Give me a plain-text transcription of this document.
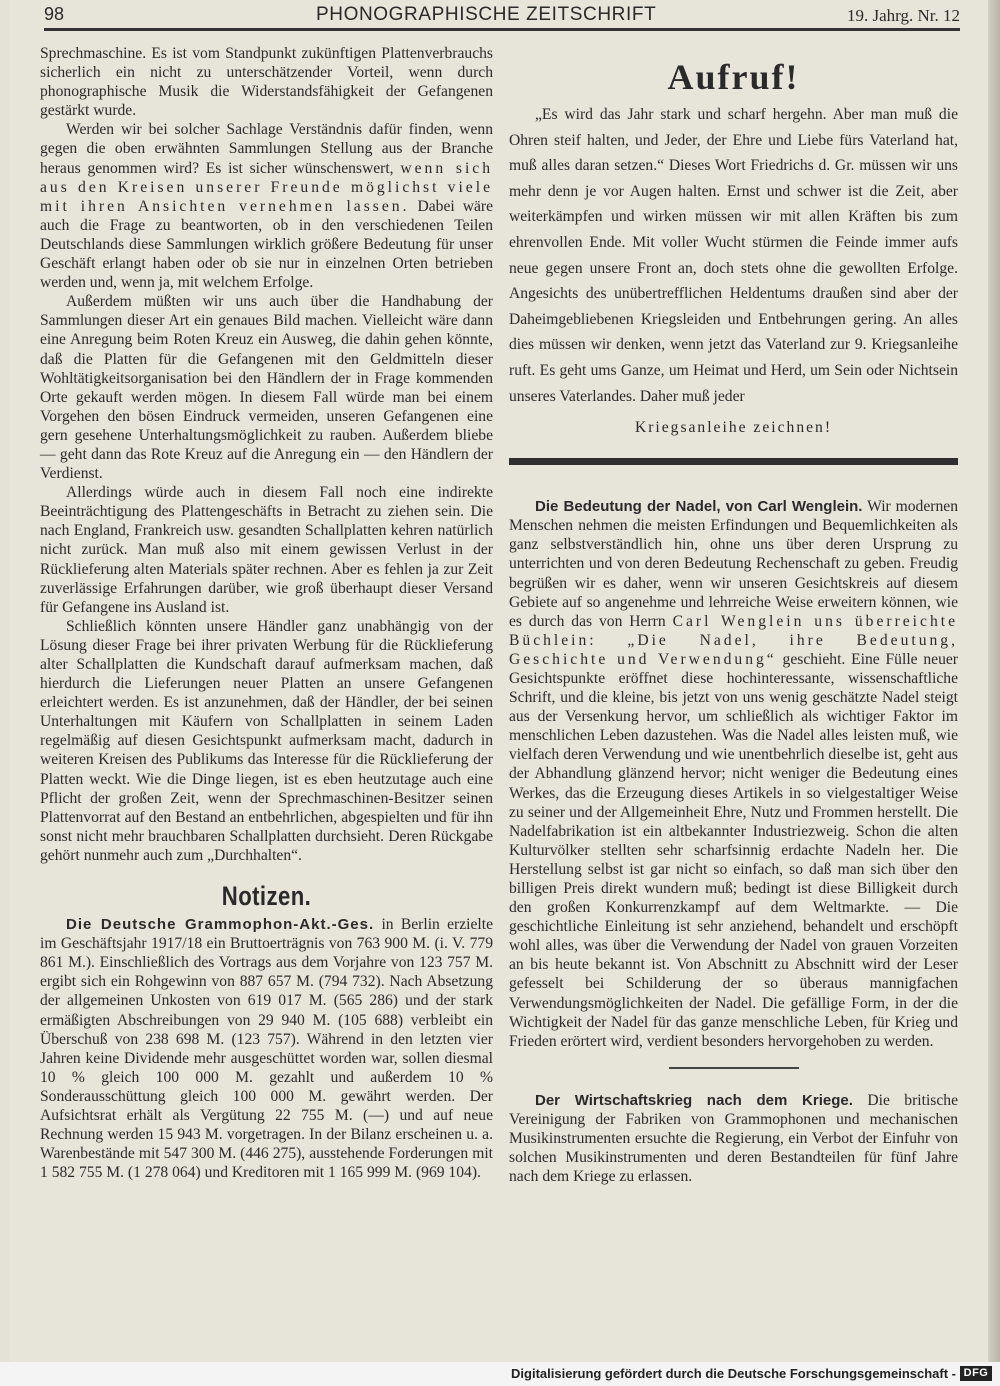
98	PHONOGRAPHISCHE ZEITSCHRIFT	19. Jahrg. Nr. 12

Sprechmaschine. Es ist vom Standpunkt zukünftigen Plattenverbrauchs sicherlich ein nicht zu unterschätzender Vorteil, wenn durch phonographische Musik die Widerstandsfähigkeit der Gefangenen gestärkt wurde.

Werden wir bei solcher Sachlage Verständnis dafür finden, wenn gegen die oben erwähnten Sammlungen Stellung aus der Branche heraus genommen wird? Es ist sicher wünschenswert, wenn sich aus den Kreisen unserer Freunde möglichst viele mit ihren Ansichten vernehmen lassen. Dabei wäre auch die Frage zu beantworten, ob in den verschiedenen Teilen Deutschlands diese Sammlungen wirklich größere Bedeutung für unser Geschäft erlangt haben oder ob sie nur in einzelnen Orten betrieben werden und, wenn ja, mit welchem Erfolge.

Außerdem müßten wir uns auch über die Handhabung der Sammlungen dieser Art ein genaues Bild machen. Vielleicht wäre dann eine Anregung beim Roten Kreuz ein Ausweg, die dahin gehen könnte, daß die Platten für die Gefangenen mit den Geldmitteln dieser Wohltätigkeitsorganisation bei den Händlern der in Frage kommenden Orte gekauft werden mögen. In diesem Fall würde man bei einem Vorgehen den bösen Eindruck vermeiden, unseren Gefangenen eine gern gesehene Unterhaltungsmöglichkeit zu rauben. Außerdem bliebe — geht dann das Rote Kreuz auf die Anregung ein — den Händlern der Verdienst.

Allerdings würde auch in diesem Fall noch eine indirekte Beeinträchtigung des Plattengeschäfts in Betracht zu ziehen sein. Die nach England, Frankreich usw. gesandten Schallplatten kehren natürlich nicht zurück. Man muß also mit einem gewissen Verlust in der Rücklieferung alten Materials später rechnen. Aber es fehlen ja zur Zeit zuverlässige Erfahrungen darüber, wie groß überhaupt dieser Versand für Gefangene ins Ausland ist.

Schließlich könnten unsere Händler ganz unabhängig von der Lösung dieser Frage bei ihrer privaten Werbung für die Rücklieferung alter Schallplatten die Kundschaft darauf aufmerksam machen, daß hierdurch die Lieferungen neuer Platten an unsere Gefangenen erleichtert werden. Es ist anzunehmen, daß der Händler, der bei seinen Unterhaltungen mit Käufern von Schallplatten in seinem Laden regelmäßig auf diesen Gesichtspunkt aufmerksam macht, dadurch in weiteren Kreisen des Publikums das Interesse für die Rücklieferung der Platten weckt. Wie die Dinge liegen, ist es eben heutzutage auch eine Pflicht der großen Zeit, wenn der Sprechmaschinen-Besitzer seinen Plattenvorrat auf den Bestand an entbehrlichen, abgespielten und für ihn sonst nicht mehr brauchbaren Schallplatten durchsieht. Deren Rückgabe gehört nunmehr auch zum „Durchhalten“.

Notizen.

Die Deutsche Grammophon-Akt.-Ges. in Berlin erzielte im Geschäftsjahr 1917/18 ein Bruttoerträgnis von 763 900 M. (i. V. 779 861 M.). Einschließlich des Vortrags aus dem Vorjahre von 123 757 M. ergibt sich ein Rohgewinn von 887 657 M. (794 732). Nach Absetzung der allgemeinen Unkosten von 619 017 M. (565 286) und der stark ermäßigten Abschreibungen von 29 940 M. (105 688) verbleibt ein Überschuß von 238 698 M. (123 757). Während in den letzten vier Jahren keine Dividende mehr ausgeschüttet worden war, sollen diesmal 10 % gleich 100 000 M. gezahlt und außerdem 10 % Sonderausschüttung gleich 100 000 M. gewährt werden. Der Aufsichtsrat erhält als Vergütung 22 755 M. (—) und auf neue Rechnung werden 15 943 M. vorgetragen. In der Bilanz erscheinen u. a. Warenbestände mit 547 300 M. (446 275), ausstehende Forderungen mit 1 582 755 M. (1 278 064) und Kreditoren mit 1 165 999 M. (969 104).

Aufruf!

„Es wird das Jahr stark und scharf hergehn. Aber man muß die Ohren steif halten, und Jeder, der Ehre und Liebe fürs Vaterland hat, muß alles daran setzen.“ Dieses Wort Friedrichs d. Gr. müssen wir uns mehr denn je vor Augen halten. Ernst und schwer ist die Zeit, aber weiterkämpfen und wirken müssen wir mit allen Kräften bis zum ehrenvollen Ende. Mit voller Wucht stürmen die Feinde immer aufs neue gegen unsere Front an, doch stets ohne die gewollten Erfolge. Angesichts des unübertrefflichen Heldentums draußen sind aber der Daheimgebliebenen Kriegsleiden und Entbehrungen gering. An alles dies müssen wir denken, wenn jetzt das Vaterland zur 9. Kriegsanleihe ruft. Es geht ums Ganze, um Heimat und Herd, um Sein oder Nichtsein unseres Vaterlandes. Daher muß jeder

Kriegsanleihe zeichnen!

Die Bedeutung der Nadel, von Carl Wenglein. Wir modernen Menschen nehmen die meisten Erfindungen und Bequemlichkeiten als ganz selbstverständlich hin, ohne uns über deren Ursprung zu unterrichten und von deren Bedeutung Rechenschaft zu geben. Freudig begrüßen wir es daher, wenn wir unseren Gesichtskreis auf diesem Gebiete auf so angenehme und lehrreiche Weise erweitern können, wie es durch das von Herrn Carl Wenglein uns überreichte Büchlein: „Die Nadel, ihre Bedeutung, Geschichte und Verwendung“ geschieht. Eine Fülle neuer Gesichtspunkte eröffnet diese hochinteressante, wissenschaftliche Schrift, und die kleine, bis jetzt von uns wenig geschätzte Nadel steigt aus der Versenkung hervor, um schließlich als wichtiger Faktor im menschlichen Leben dazustehen. Was die Nadel alles leisten muß, wie vielfach deren Verwendung und wie unentbehrlich dieselbe ist, geht aus der Abhandlung glänzend hervor; nicht weniger die Bedeutung eines Werkes, das die Erzeugung dieses Artikels in so vielgestaltiger Weise zu seiner und der Allgemeinheit Ehre, Nutz und Frommen herstellt. Die Nadelfabrikation ist ein altbekannter Industriezweig. Schon die alten Kulturvölker stellten sehr scharfsinnig erdachte Nadeln her. Die Herstellung selbst ist gar nicht so einfach, so daß man sich über den billigen Preis direkt wundern muß; bedingt ist diese Billigkeit durch den großen Konkurrenzkampf auf dem Weltmarkte. — Die geschichtliche Einleitung ist sehr anziehend, behandelt und erschöpft wohl alles, was über die Verwendung der Nadel von grauen Vorzeiten an bis heute bekannt ist. Von Abschnitt zu Abschnitt wird der Leser gefesselt bei Schilderung der so überaus mannigfachen Verwendungsmöglichkeiten der Nadel. Die gefällige Form, in der die Wichtigkeit der Nadel für das ganze menschliche Leben, für Krieg und Frieden erörtert wird, verdient besonders hervorgehoben zu werden.

Der Wirtschaftskrieg nach dem Kriege. Die britische Vereinigung der Fabriken von Grammophonen und mechanischen Musikinstrumenten ersuchte die Regierung, ein Verbot der Einfuhr von solchen Musikinstrumenten und deren Bestandteilen für fünf Jahre nach dem Kriege zu erlassen.

Digitalisierung gefördert durch die Deutsche Forschungsgemeinschaft - DFG
